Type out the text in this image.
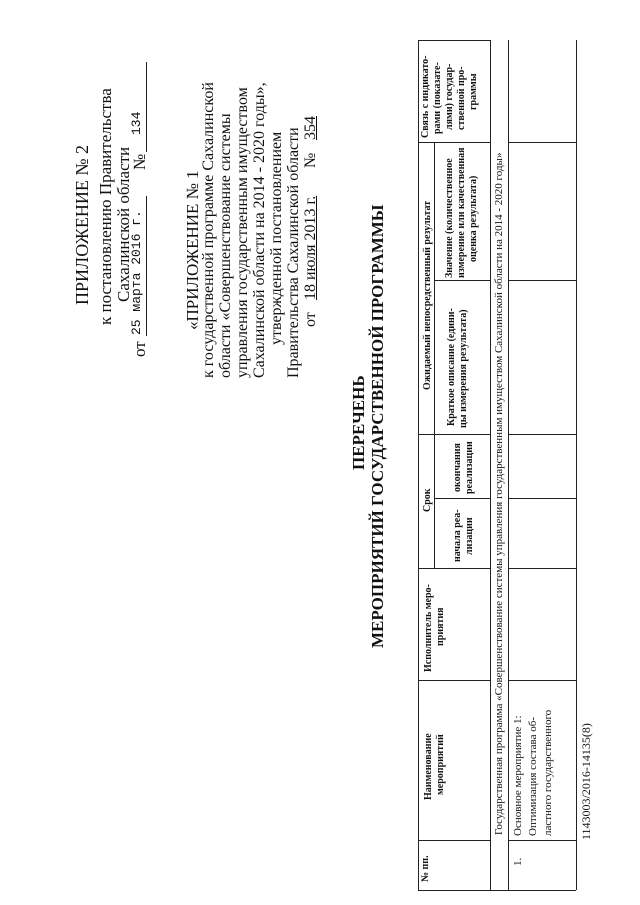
ПРИЛОЖЕНИЕ № 2 к постановлению Правительства Сахалинской области
от
25 марта 2016 г.
№
134
«ПРИЛОЖЕНИЕ № 1
к государственной программе Сахалинской области «Совершенствование системы управления государственным имуществом Сахалинской области на 2014 - 2020 годы», утвержденной постановлением Правительства Сахалинской области от
18 июля 2013 г.
№
354
ПЕРЕЧЕНЬ МЕРОПРИЯТИЙ ГОСУДАРСТВЕННОЙ ПРОГРАММЫ
№ пп.
Наименование мероприятий
Исполнитель меро- приятия
Срок
начала реа- лизации
окончания реализации
Ожидаемый непосредственный результат Краткое описание (едини- цы измерения результата)
Значение (количественное измерение или качественная оценка результата)
Связь с индикато- рами (показате- лями) государ- ственной про- граммы
Государственная программа «Совершенствование системы управления государственным имуществом Сахалинской области на 2014 - 2020 годы»
1.
Основное мероприятие 1: Оптимизация состава об- ластного государственного 1143003/2016-14135(8)
